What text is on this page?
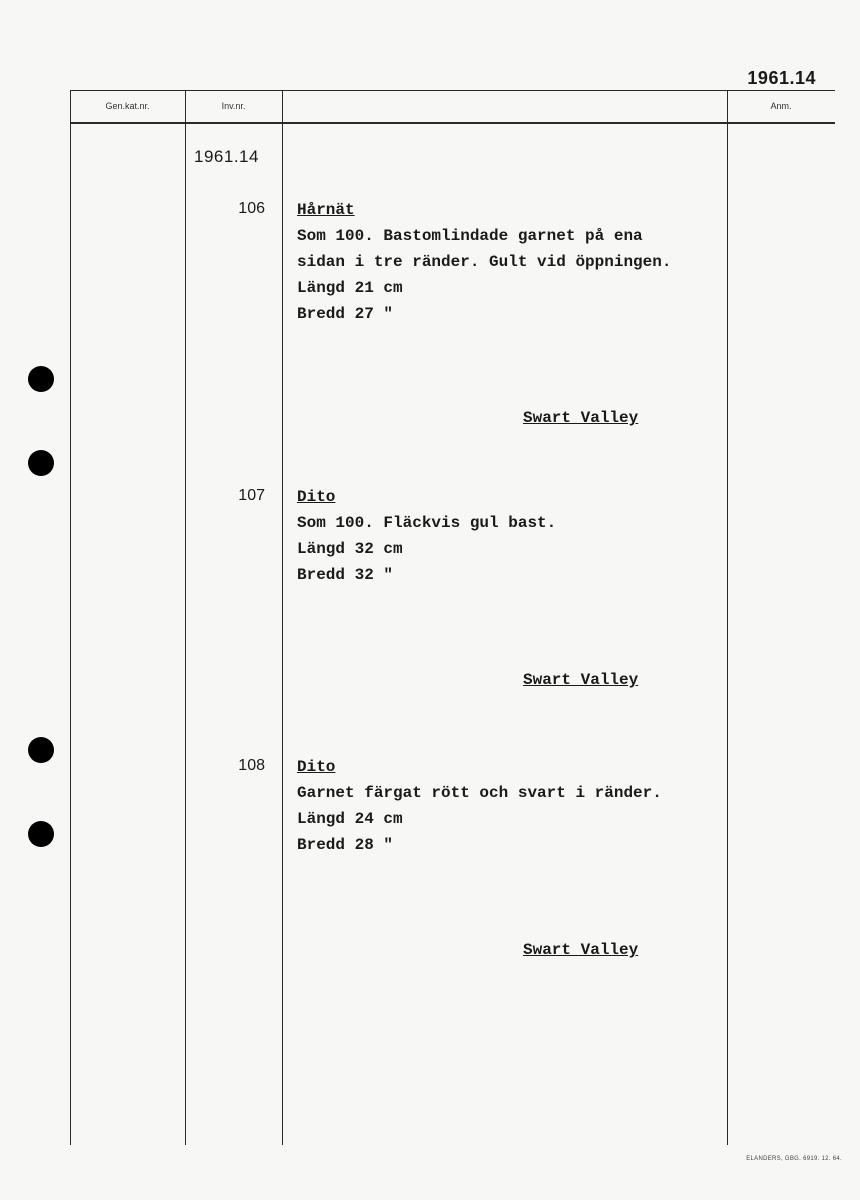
1961.14
Gen.kat.nr.	Inv.nr.	Anm.
1961.14
106 Hårnät

Som 100. Bastomlindade garnet på ena

sidan i tre ränder. Gult vid öppningen.

Längd 21 cm

Bredd 27 "

Swart Valley
107 Dito

Som 100. Fläckvis gul bast.

Längd 32 cm

Bredd 32 "

Swart Valley
108 Dito

Garnet färgat rött och svart i ränder.

Längd 24 cm

Bredd 28 "

Swart Valley
ELANDERS, GBG. 6919. 12. 64.
